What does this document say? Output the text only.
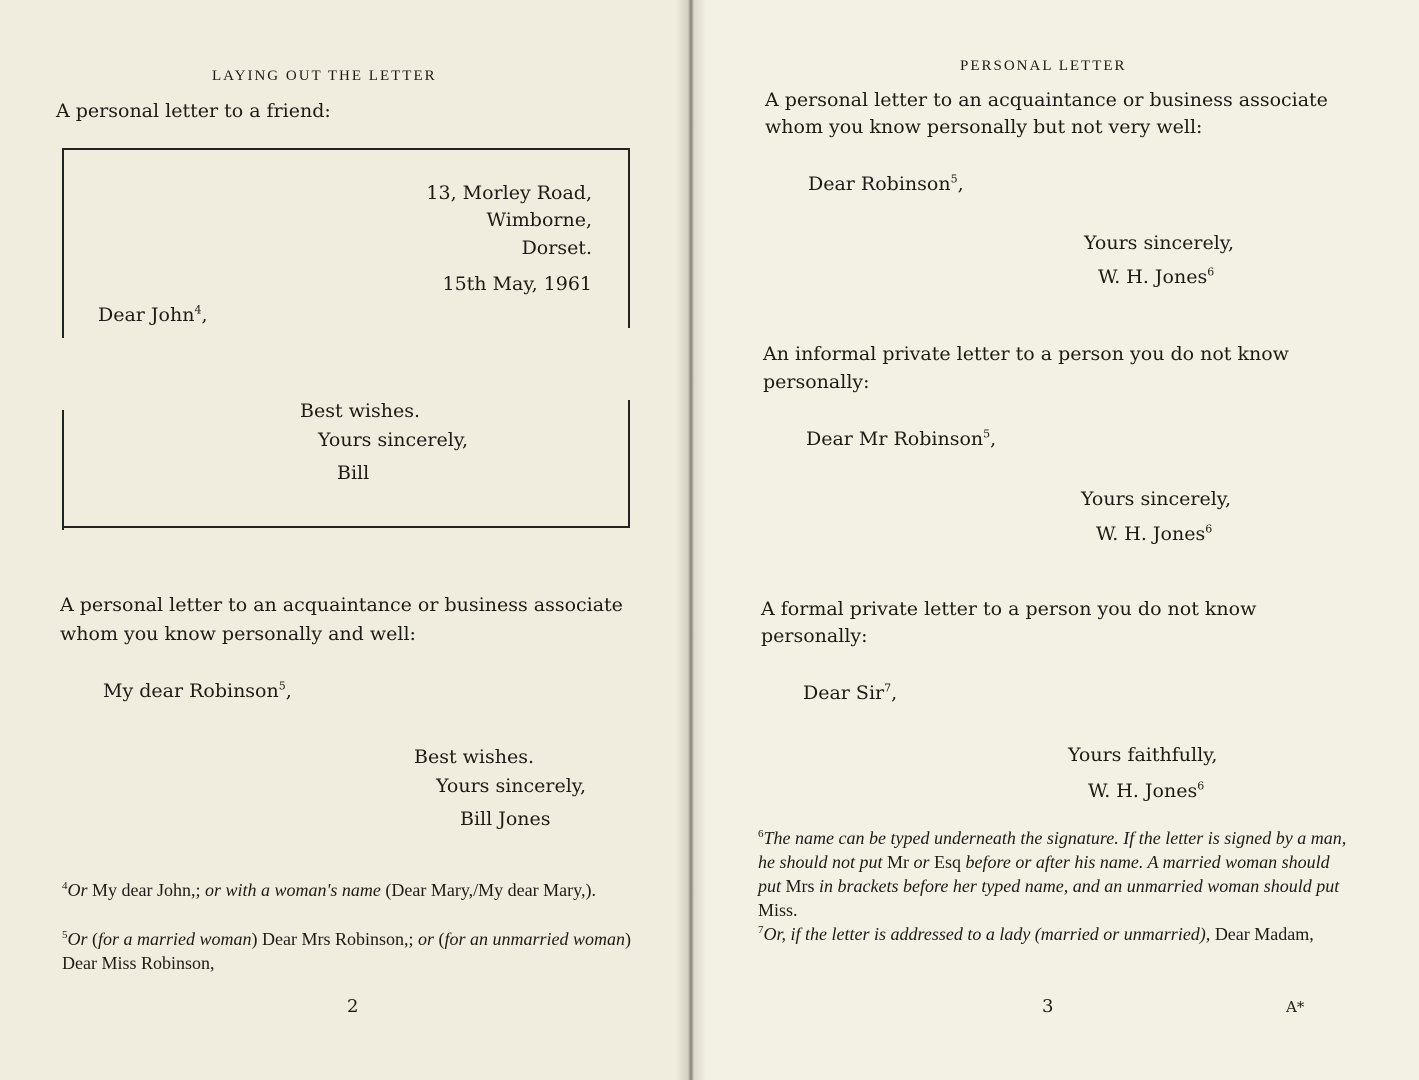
LAYING OUT THE LETTER
A personal letter to a friend:
13, Morley Road,
Wimborne,
Dorset.
15th May, 1961
Dear John$^4$,
Best wishes.
Yours sincerely,
Bill
A personal letter to an acquaintance or business associate
whom you know personally and well:
My dear Robinson$^5$,
Best wishes.
Yours sincerely,
Bill Jones
$^4$Or My dear John,; or with a woman's name (Dear Mary,/My dear Mary,).
$^5$Or (for a married woman) Dear Mrs Robinson,; or (for an unmarried woman) Dear Miss Robinson,
2
PERSONAL LETTER
A personal letter to an acquaintance or business associate
whom you know personally but not very well:
Dear Robinson$^5$,
Yours sincerely,
W. H. Jones$^6$
An informal private letter to a person you do not know
personally:
Dear Mr Robinson$^5$,
Yours sincerely,
W. H. Jones$^6$
A formal private letter to a person you do not know
personally:
Dear Sir$^7$,
Yours faithfully,
W. H. Jones$^6$
$^6$The name can be typed underneath the signature. If the letter is signed by a man, he should not put Mr or Esq before or after his name. A married woman should put Mrs in brackets before her typed name, and an unmarried woman should put Miss.
$^7$Or, if the letter is addressed to a lady (married or unmarried), Dear Madam,
3	A*
